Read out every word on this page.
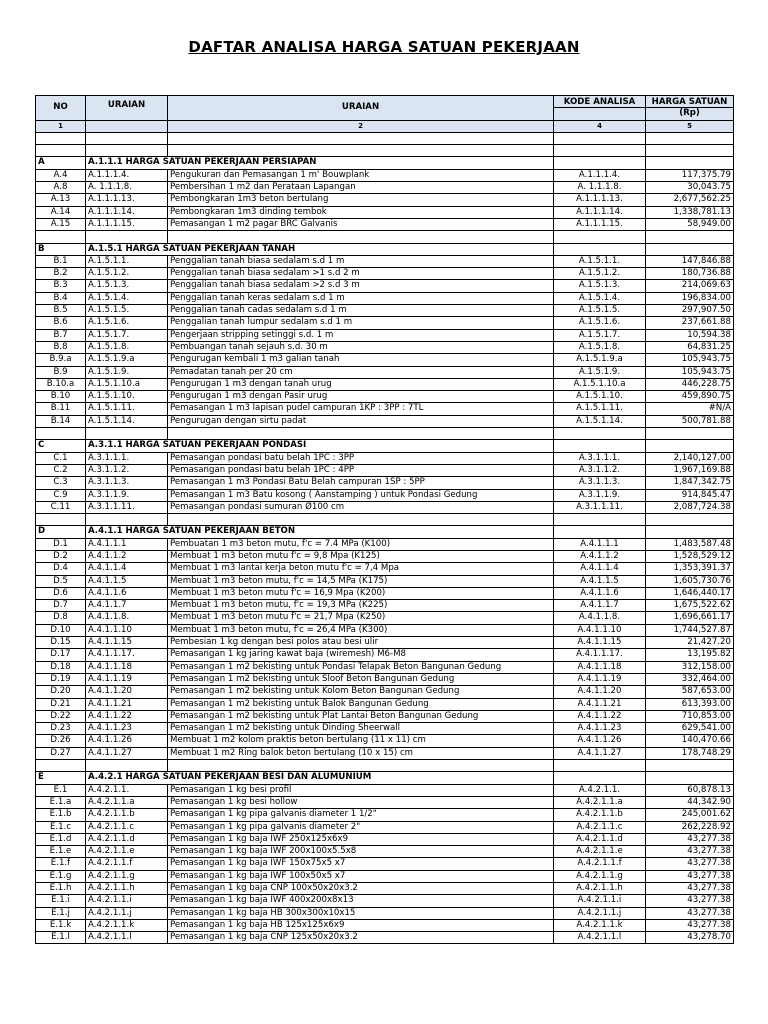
DAFTAR ANALISA HARGA SATUAN PEKERJAAN
NO	URAIAN	URAIAN	KODE ANALISA	HARGA SATUAN
				(Rp)
1		2	4	5

A	A.1.1.1 HARGA SATUAN PEKERJAAN PERSIAPAN			
A.4	A.1.1.1.4.	Pengukuran dan Pemasangan 1 m' Bouwplank	A.1.1.1.4.	117,375.79
A.8	A. 1.1.1.8.	Pembersihan 1 m2 dan Perataan Lapangan	A. 1.1.1.8.	30,043.75
A.13	A.1.1.1.13.	Pembongkaran 1m3 beton bertulang	A.1.1.1.13.	2,677,562.25
A.14	A.1.1.1.14.	Pembongkaran 1m3 dinding tembok	A.1.1.1.14.	1,338,781.13
A.15	A.1.1.1.15.	Pemasangan 1 m2 pagar BRC Galvanis	A.1.1.1.15.	58,949.00

B	A.1.5.1 HARGA SATUAN PEKERJAAN TANAH			
B.1	A.1.5.1.1.	Penggalian tanah biasa sedalam s.d 1 m	A.1.5.1.1.	147,846.88
B.2	A.1.5.1.2.	Penggalian tanah biasa sedalam >1 s.d 2 m	A.1.5.1.2.	180,736.88
B.3	A.1.5.1.3.	Penggalian tanah biasa sedalam >2 s.d 3 m	A.1.5.1.3.	214,069.63
B.4	A.1.5.1.4.	Penggalian tanah keras sedalam s.d 1 m	A.1.5.1.4.	196,834.00
B.5	A.1.5.1.5.	Penggalian tanah cadas sedalam s.d 1 m	A.1.5.1.5.	297,907.50
B.6	A.1.5.1.6.	Penggalian tanah lumpur sedalam s.d 1 m	A.1.5.1.6.	237,661.88
B.7	A.1.5.1.7.	Pengerjaan stripping setinggi s.d. 1 m	A.1.5.1.7.	10,594.38
B.8	A.1.5.1.8.	Pembuangan tanah sejauh s.d. 30 m	A.1.5.1.8.	64,831.25
B.9.a	A.1.5.1.9.a	Pengurugan kembali 1 m3 galian tanah	A.1.5.1.9.a	105,943.75
B.9	A.1.5.1.9.	Pemadatan tanah per 20 cm	A.1.5.1.9.	105,943.75
B.10.a	A.1.5.1.10.a	Pengurugan 1 m3 dengan tanah urug	A.1.5.1.10.a	446,228.75
B.10	A.1.5.1.10.	Pengurugan 1 m3 dengan Pasir urug	A.1.5.1.10.	459,890.75
B.11	A.1.5.1.11.	Pemasangan 1 m3 lapisan pudel campuran 1KP : 3PP : 7TL	A.1.5.1.11.	#N/A
B.14	A.1.5.1.14.	Pengurugan dengan sirtu padat	A.1.5.1.14.	500,781.88

C	A.3.1.1 HARGA SATUAN PEKERJAAN PONDASI			
C.1	A.3.1.1.1.	Pemasangan pondasi batu belah 1PC : 3PP	A.3.1.1.1.	2,140,127.00
C.2	A.3.1.1.2.	Pemasangan pondasi batu belah 1PC : 4PP	A.3.1.1.2.	1,967,169.88
C.3	A.3.1.1.3.	Pemasangan 1 m3 Pondasi Batu Belah campuran 1SP : 5PP	A.3.1.1.3.	1,847,342.75
C.9	A.3.1.1.9.	Pemasangan 1 m3 Batu kosong ( Aanstamping ) untuk Pondasi Gedung	A.3.1.1.9.	914,845.47
C.11	A.3.1.1.11.	Pemasangan pondasi sumuran Ø100 cm	A.3.1.1.11.	2,087,724.38

D	A.4.1.1 HARGA SATUAN PEKERJAAN BETON			
D.1	A.4.1.1.1	Pembuatan 1 m3 beton mutu, f'c = 7.4 MPa (K100)	A.4.1.1.1	1,483,587.48
D.2	A.4.1.1.2	Membuat 1 m3 beton mutu f'c = 9,8 Mpa (K125)	A.4.1.1.2	1,528,529.12
D.4	A.4.1.1.4	Membuat 1 m3 lantai kerja beton mutu f'c = 7,4 Mpa	A.4.1.1.4	1,353,391.37
D.5	A.4.1.1.5	Membuat 1 m3 beton mutu, f'c = 14,5 MPa (K175)	A.4.1.1.5	1,605,730.76
D.6	A.4.1.1.6	Membuat 1 m3 beton mutu f'c = 16,9 Mpa (K200)	A.4.1.1.6	1,646,440.17
D.7	A.4.1.1.7	Membuat 1 m3 beton mutu, f'c = 19,3 MPa (K225)	A.4.1.1.7	1,675,522.62
D.8	A.4.1.1.8.	Membuat 1 m3 beton mutu f'c = 21,7 Mpa (K250)	A.4.1.1.8.	1,696,661.17
D.10	A.4.1.1.10	Membuat 1 m3 beton mutu, f'c = 26,4 MPa (K300)	A.4.1.1.10	1,744,527.87
D.15	A.4.1.1.15	Pembesian 1 kg dengan besi polos atau besi ulir	A.4.1.1.15	21,427.20
D.17	A.4.1.1.17.	Pemasangan 1 kg jaring kawat baja (wiremesh) M6-M8	A.4.1.1.17.	13,195.82
D.18	A.4.1.1.18	Pemasangan 1 m2 bekisting untuk Pondasi Telapak Beton Bangunan Gedung	A.4.1.1.18	312,158.00
D.19	A.4.1.1.19	Pemasangan 1 m2 bekisting untuk Sloof Beton Bangunan Gedung	A.4.1.1.19	332,464.00
D.20	A.4.1.1.20	Pemasangan 1 m2 bekisting untuk Kolom Beton Bangunan Gedung	A.4.1.1.20	587,653.00
D.21	A.4.1.1.21	Pemasangan 1 m2 bekisting untuk Balok Bangunan Gedung	A.4.1.1.21	613,393.00
D.22	A.4.1.1.22	Pemasangan 1 m2 bekisting untuk Plat Lantai Beton Bangunan Gedung	A.4.1.1.22	710,853.00
D.23	A.4.1.1.23	Pemasangan 1 m2 bekisting untuk Dinding Sheerwall	A.4.1.1.23	629,541.00
D.26	A.4.1.1.26	Membuat 1 m2 kolom praktis beton bertulang (11 x 11) cm	A.4.1.1.26	140,470.66
D.27	A.4.1.1.27	Membuat 1 m2 Ring balok beton bertulang (10 x 15) cm	A.4.1.1.27	178,748.29

E	A.4.2.1 HARGA SATUAN PEKERJAAN BESI DAN ALUMUNIUM			
E.1	A.4.2.1.1.	Pemasangan 1 kg besi profil	A.4.2.1.1.	60,878.13
E.1.a	A.4.2.1.1.a	Pemasangan 1 kg besi hollow	A.4.2.1.1.a	44,342.90
E.1.b	A.4.2.1.1.b	Pemasangan 1 kg pipa galvanis diameter 1 1/2"	A.4.2.1.1.b	245,001.62
E.1.c	A.4.2.1.1.c	Pemasangan 1 kg pipa galvanis diameter 2"	A.4.2.1.1.c	262,228.92
E.1.d	A.4.2.1.1.d	Pemasangan 1 kg baja IWF 250x125x6x9	A.4.2.1.1.d	43,277.38
E.1.e	A.4.2.1.1.e	Pemasangan 1 kg baja IWF 200x100x5.5x8	A.4.2.1.1.e	43,277.38
E.1.f	A.4.2.1.1.f	Pemasangan 1 kg baja IWF 150x75x5 x7	A.4.2.1.1.f	43,277.38
E.1.g	A.4.2.1.1.g	Pemasangan 1 kg baja IWF 100x50x5 x7	A.4.2.1.1.g	43,277.38
E.1.h	A.4.2.1.1.h	Pemasangan 1 kg baja CNP 100x50x20x3.2	A.4.2.1.1.h	43,277.38
E.1.i	A.4.2.1.1.i	Pemasangan 1 kg baja IWF 400x200x8x13	A.4.2.1.1.i	43,277.38
E.1.j	A.4.2.1.1.j	Pemasangan 1 kg baja HB 300x300x10x15	A.4.2.1.1.j	43,277.38
E.1.k	A.4.2.1.1.k	Pemasangan 1 kg baja HB 125x125x6x9	A.4.2.1.1.k	43,277.38
E.1.l	A.4.2.1.1.l	Pemasangan 1 kg baja CNP 125x50x20x3.2	A.4.2.1.1.l	43,278.70
